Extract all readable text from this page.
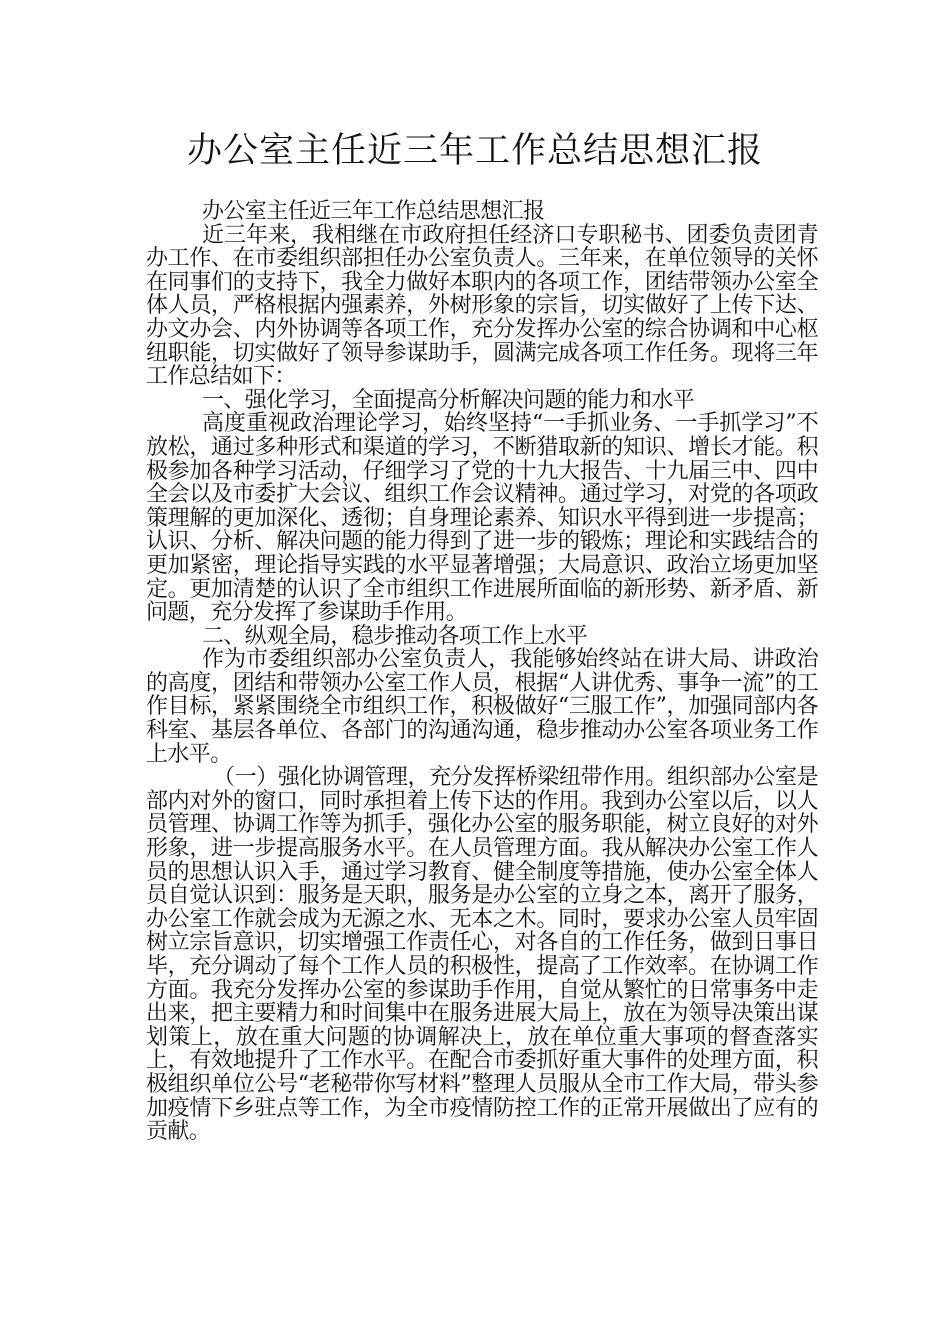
办公室主任近三年工作总结思想汇报

办公室主任近三年工作总结思想汇报

近三年来，我相继在市政府担任经济口专职秘书、团委负责团青办工作、在市委组织部担任办公室负责人。三年来，在单位领导的关怀在同事们的支持下，我全力做好本职内的各项工作，团结带领办公室全体人员，严格根据内强素养，外树形象的宗旨，切实做好了上传下达、办文办会、内外协调等各项工作，充分发挥办公室的综合协调和中心枢纽职能，切实做好了领导参谋助手，圆满完成各项工作任务。现将三年工作总结如下：

一、强化学习，全面提高分析解决问题的能力和水平

高度重视政治理论学习，始终坚持“一手抓业务、一手抓学习”不放松，通过多种形式和渠道的学习，不断猎取新的知识、增长才能。积极参加各种学习活动，仔细学习了党的十九大报告、十九届三中、四中全会以及市委扩大会议、组织工作会议精神。通过学习，对党的各项政策理解的更加深化、透彻；自身理论素养、知识水平得到进一步提高；认识、分析、解决问题的能力得到了进一步的锻炼；理论和实践结合的更加紧密，理论指导实践的水平显著增强；大局意识、政治立场更加坚定。更加清楚的认识了全市组织工作进展所面临的新形势、新矛盾、新问题，充分发挥了参谋助手作用。

二、纵观全局，稳步推动各项工作上水平

作为市委组织部办公室负责人，我能够始终站在讲大局、讲政治的高度，团结和带领办公室工作人员，根据“人讲优秀、事争一流”的工作目标，紧紧围绕全市组织工作，积极做好“三服工作”，加强同部内各科室、基层各单位、各部门的沟通沟通，稳步推动办公室各项业务工作上水平。

（一）强化协调管理，充分发挥桥梁纽带作用。组织部办公室是部内对外的窗口，同时承担着上传下达的作用。我到办公室以后，以人员管理、协调工作等为抓手，强化办公室的服务职能，树立良好的对外形象，进一步提高服务水平。在人员管理方面。我从解决办公室工作人员的思想认识入手，通过学习教育、健全制度等措施，使办公室全体人员自觉认识到：服务是天职，服务是办公室的立身之本，离开了服务，办公室工作就会成为无源之水、无本之木。同时，要求办公室人员牢固树立宗旨意识，切实增强工作责任心，对各自的工作任务，做到日事日毕，充分调动了每个工作人员的积极性，提高了工作效率。在协调工作方面。我充分发挥办公室的参谋助手作用，自觉从繁忙的日常事务中走出来，把主要精力和时间集中在服务进展大局上，放在为领导决策出谋划策上，放在重大问题的协调解决上，放在单位重大事项的督查落实上，有效地提升了工作水平。在配合市委抓好重大事件的处理方面，积极组织单位公号“老秘带你写材料”整理人员服从全市工作大局，带头参加疫情下乡驻点等工作，为全市疫情防控工作的正常开展做出了应有的贡献。
